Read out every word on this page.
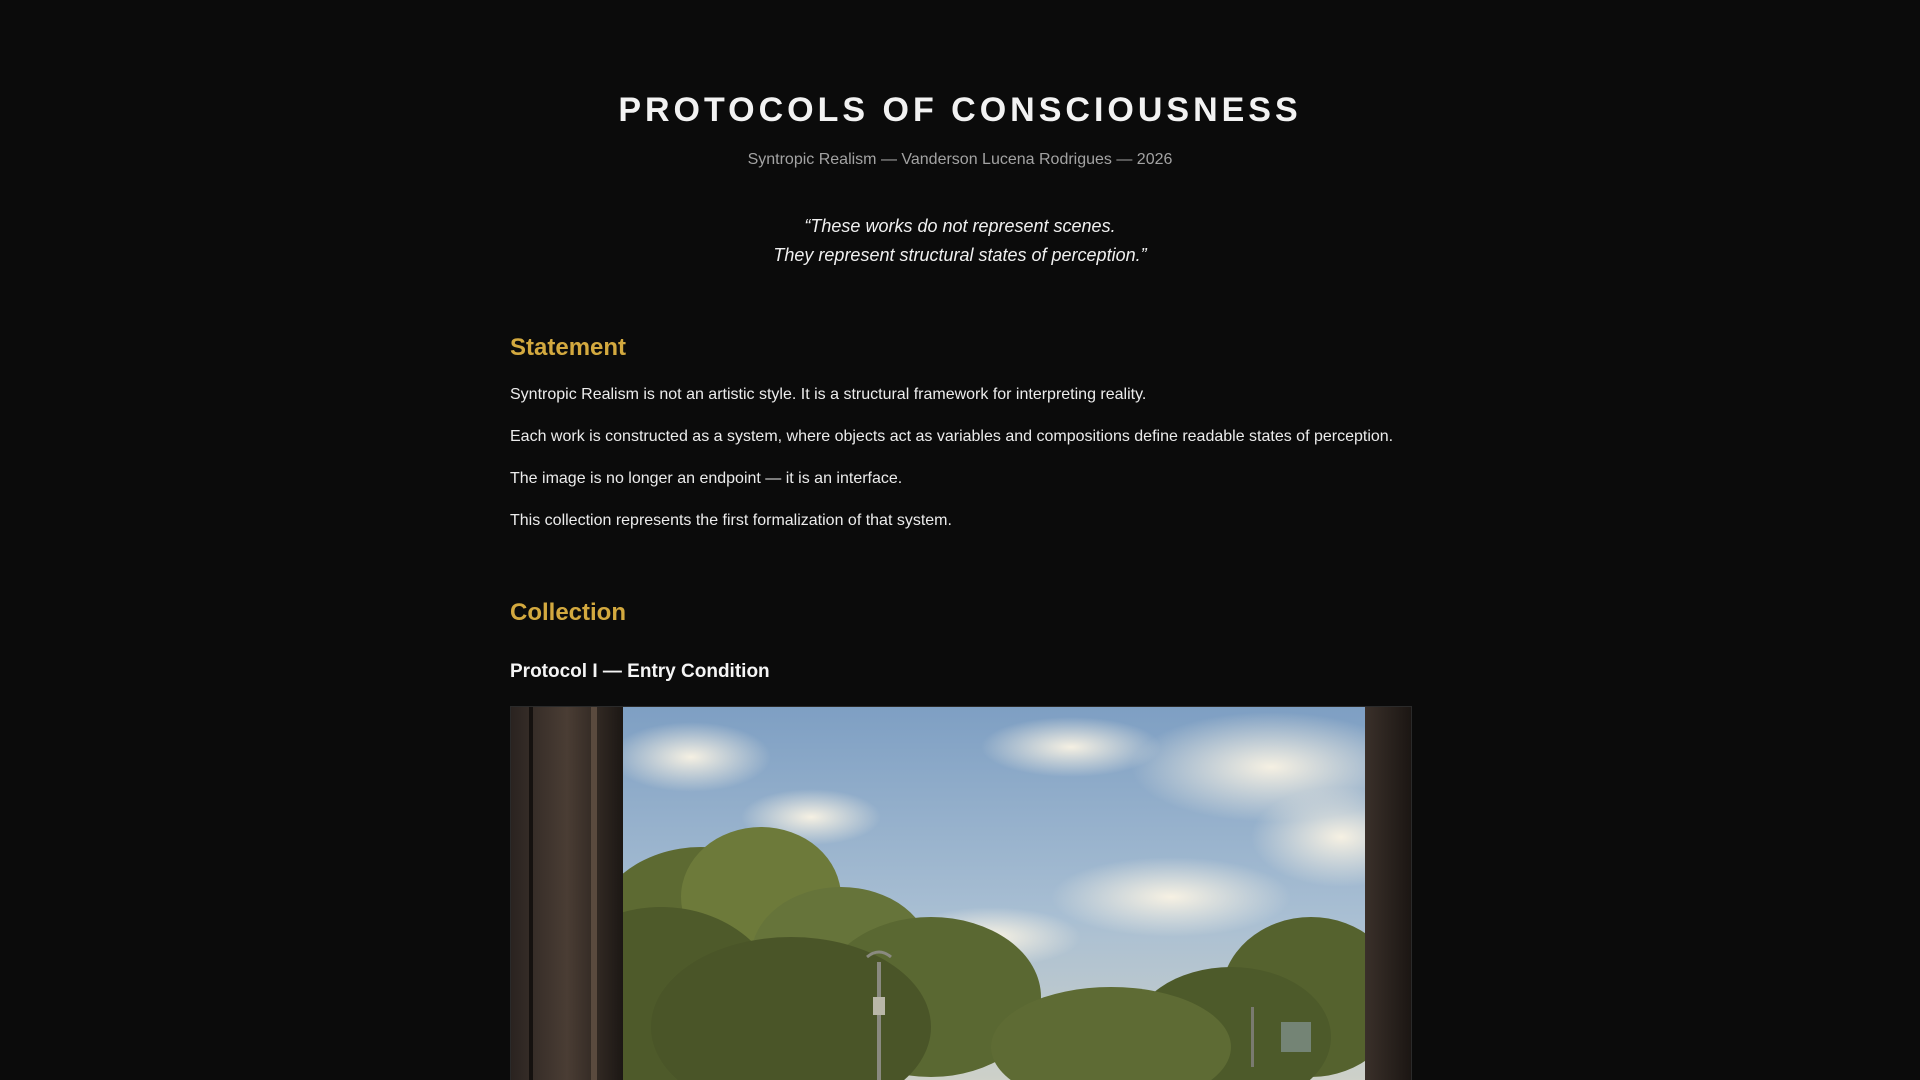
PROTOCOLS OF CONSCIOUSNESS
Syntropic Realism — Vanderson Lucena Rodrigues — 2026
“These works do not represent scenes.
They represent structural states of perception.”
Statement

Syntropic Realism is not an artistic style. It is a structural framework for interpreting reality.

Each work is constructed as a system, where objects act as variables and compositions define readable states of perception.

The image is no longer an endpoint — it is an interface.

This collection represents the first formalization of that system.

Collection
Protocol I — Entry Condition
